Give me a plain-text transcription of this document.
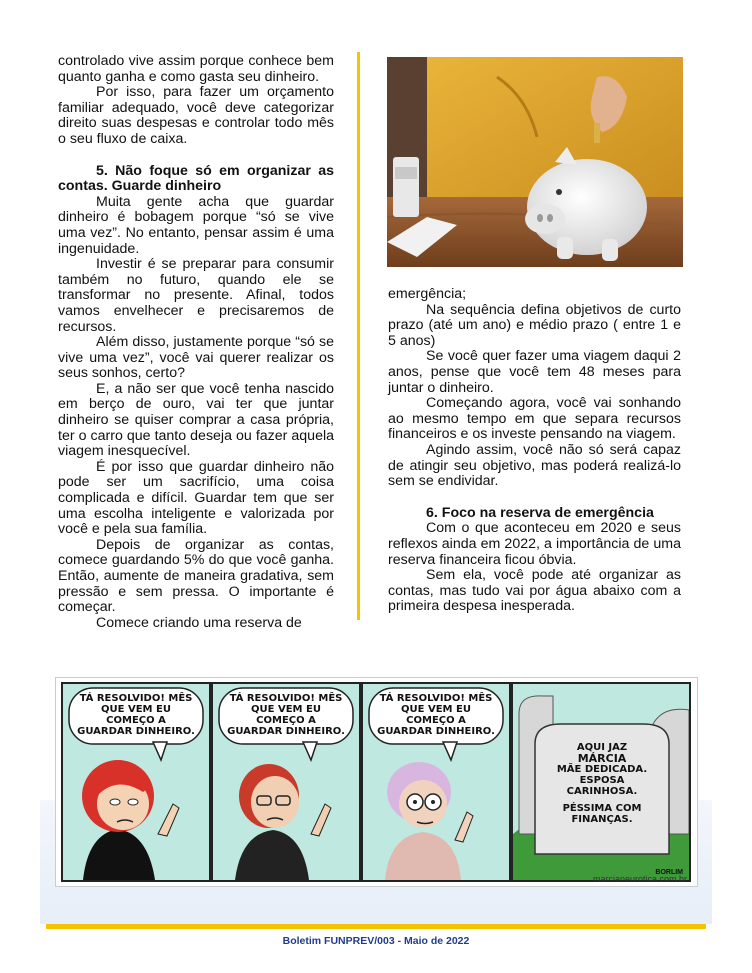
controlado vive assim porque conhece bem quanto ganha e como gasta seu dinheiro.

Por isso, para fazer um orçamento familiar adequado, você deve categorizar direito suas despesas e controlar todo mês o seu fluxo de caixa.

5. Não foque só em organizar as contas. Guarde dinheiro

Muita gente acha que guardar dinheiro é bobagem porque “só se vive uma vez”. No entanto, pensar assim é uma ingenuidade.

Investir é se preparar para consumir também no futuro, quando ele se transformar no presente. Afinal, todos vamos envelhecer e precisaremos de recursos.

Além disso, justamente porque “só se vive uma vez”, você vai querer realizar os seus sonhos, certo?

E, a não ser que você tenha nascido em berço de ouro, vai ter que juntar dinheiro se quiser comprar a casa própria, ter o carro que tanto deseja ou fazer aquela viagem inesquecível.

É por isso que guardar dinheiro não pode ser um sacrifício, uma coisa complicada e difícil. Guardar tem que ser uma escolha inteligente e valorizada por você e pela sua família.

Depois de organizar as contas, comece guardando 5% do que você ganha. Então, aumente de maneira gradativa, sem pressão e sem pressa. O importante é começar.

Comece criando uma reserva de

emergência;

Na sequência defina objetivos de curto prazo (até um ano) e médio prazo ( entre 1 e 5 anos)

Se você quer fazer uma viagem daqui 2 anos, pense que você tem 48 meses para juntar o dinheiro.

Começando agora, você vai sonhando ao mesmo tempo em que separa recursos financeiros e os investe pensando na viagem.

Agindo assim, você não só será capaz de atingir seu objetivo, mas poderá realizá-lo sem se endividar.

6. Foco na reserva de emergência

Com o que aconteceu em 2020 e seus reflexos ainda em 2022, a importância de uma reserva financeira ficou óbvia.

Sem ela, você pode até organizar as contas, mas tudo vai por água abaixo com a primeira despesa inesperada.

TÁ RESOLVIDO! MÊS QUE VEM EU COMEÇO A GUARDAR DINHEIRO.
TÁ RESOLVIDO! MÊS QUE VEM EU COMEÇO A GUARDAR DINHEIRO.
TÁ RESOLVIDO! MÊS QUE VEM EU COMEÇO A GUARDAR DINHEIRO.
AQUI JAZ
MÁRCIA
MÃE DEDICADA.
ESPOSA CARINHOSA.
PÉSSIMA COM FINANÇAS.
BORLIM
marcianeurotica.com.br
Boletim FUNPREV/003 - Maio de 2022
